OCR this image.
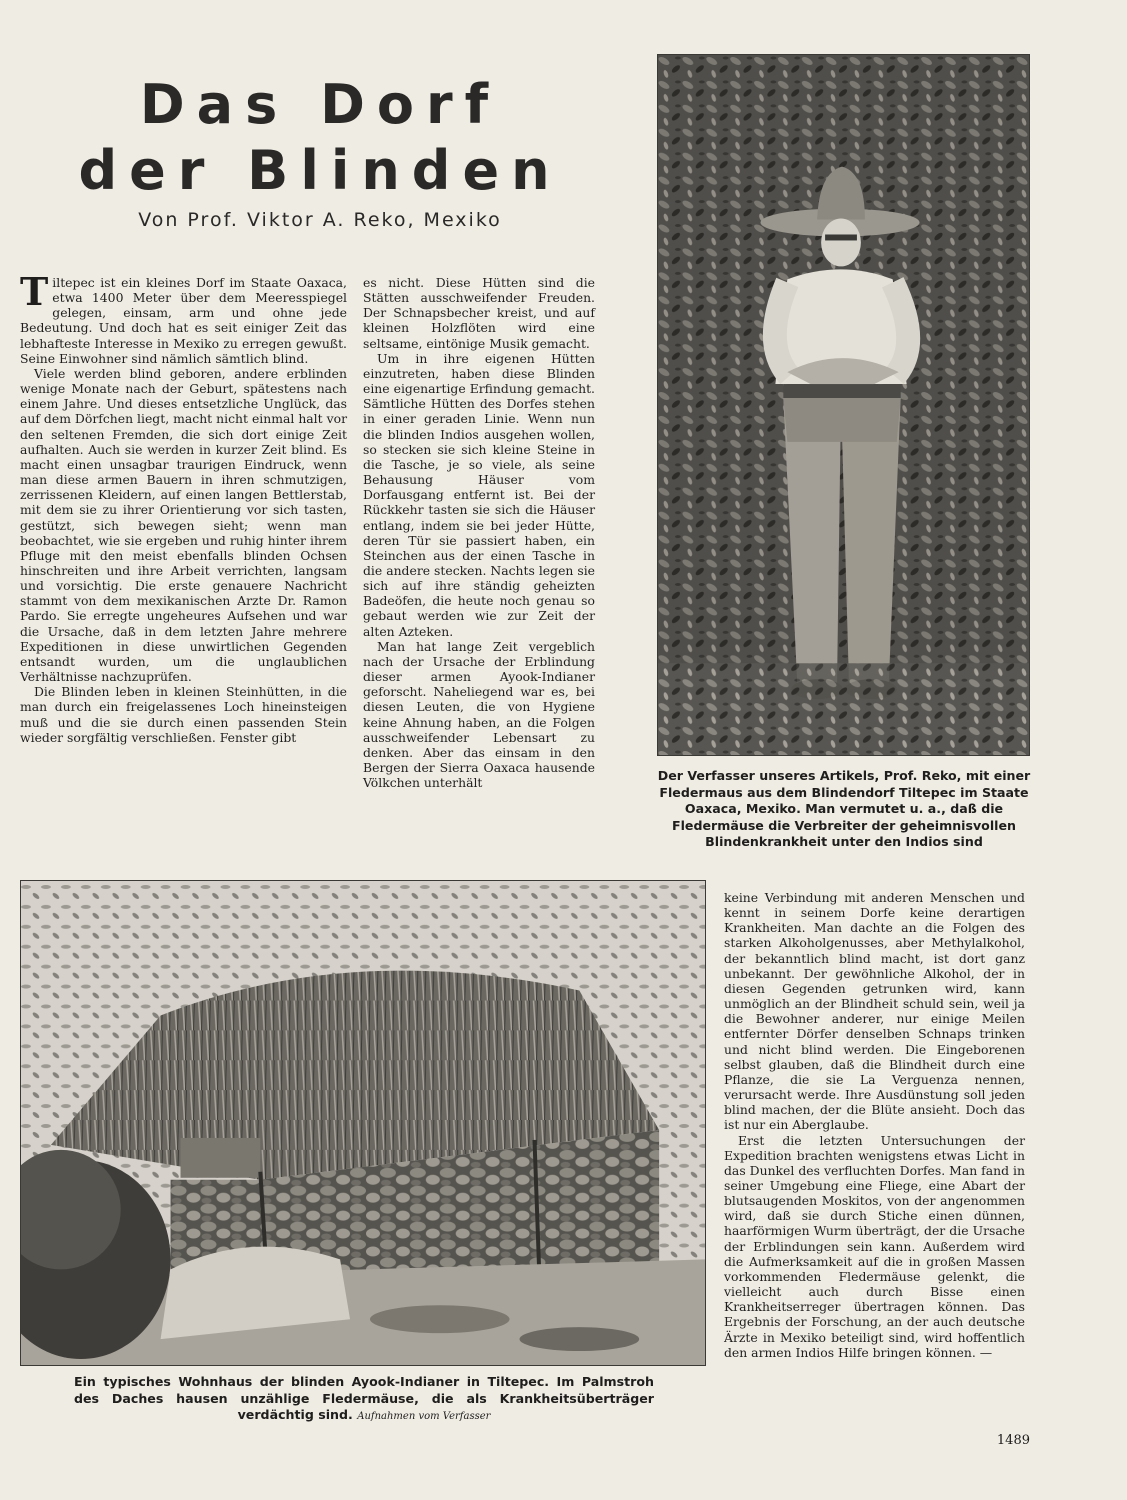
Das Dorf
der Blinden
Von Prof. Viktor A. Reko, Mexiko

Tiltepec ist ein kleines Dorf im Staate Oaxaca, etwa 1400 Meter über dem Meeresspiegel gelegen, einsam, arm und ohne jede Bedeutung. Und doch hat es seit einiger Zeit das lebhafteste Interesse in Mexiko zu erregen gewußt. Seine Einwohner sind nämlich sämtlich blind.

Viele werden blind geboren, andere erblinden wenige Monate nach der Geburt, spätestens nach einem Jahre. Und dieses entsetzliche Unglück, das auf dem Dörfchen liegt, macht nicht einmal halt vor den seltenen Fremden, die sich dort einige Zeit aufhalten. Auch sie werden in kurzer Zeit blind. Es macht einen unsagbar traurigen Eindruck, wenn man diese armen Bauern in ihren schmutzigen, zerrissenen Kleidern, auf einen langen Bettlerstab, mit dem sie zu ihrer Orientierung vor sich tasten, gestützt, sich bewegen sieht; wenn man beobachtet, wie sie ergeben und ruhig hinter ihrem Pfluge mit den meist ebenfalls blinden Ochsen hinschreiten und ihre Arbeit verrichten, langsam und vorsichtig. Die erste genauere Nachricht stammt von dem mexikanischen Arzte Dr. Ramon Pardo. Sie erregte ungeheures Aufsehen und war die Ursache, daß in dem letzten Jahre mehrere Expeditionen in diese unwirtlichen Gegenden entsandt wurden, um die unglaublichen Verhältnisse nachzuprüfen.

Die Blinden leben in kleinen Steinhütten, in die man durch ein freigelassenes Loch hineinsteigen muß und die sie durch einen passenden Stein wieder sorgfältig verschließen. Fenster gibt

es nicht. Diese Hütten sind die Stätten ausschweifender Freuden. Der Schnapsbecher kreist, und auf kleinen Holzflöten wird eine seltsame, eintönige Musik gemacht.

Um in ihre eigenen Hütten einzutreten, haben diese Blinden eine eigenartige Erfindung gemacht. Sämtliche Hütten des Dorfes stehen in einer geraden Linie. Wenn nun die blinden Indios ausgehen wollen, so stecken sie sich kleine Steine in die Tasche, je so viele, als seine Behausung Häuser vom Dorfausgang entfernt ist. Bei der Rückkehr tasten sie sich die Häuser entlang, indem sie bei jeder Hütte, deren Tür sie passiert haben, ein Steinchen aus der einen Tasche in die andere stecken. Nachts legen sie sich auf ihre ständig geheizten Badeöfen, die heute noch genau so gebaut werden wie zur Zeit der alten Azteken.

Man hat lange Zeit vergeblich nach der Ursache der Erblindung dieser armen Ayook-Indianer geforscht. Naheliegend war es, bei diesen Leuten, die von Hygiene keine Ahnung haben, an die Folgen ausschweifender Lebensart zu denken. Aber das einsam in den Bergen der Sierra Oaxaca hausende Völkchen unterhält	Der Verfasser unseres Artikels, Prof. Reko, mit einer Fledermaus aus dem Blindendorf Tiltepec im Staate Oaxaca, Mexiko. Man vermutet u. a., daß die Fledermäuse die Verbreiter der geheimnisvollen Blindenkrankheit unter den Indios sind
Ein typisches Wohnhaus der blinden Ayook-Indianer in Tiltepec. Im Palmstroh des Daches hausen unzählige Fledermäuse, die als Krankheitsüberträger verdächtig sind. Aufnahmen vom Verfasser

keine Verbindung mit anderen Menschen und kennt in seinem Dorfe keine derartigen Krankheiten. Man dachte an die Folgen des starken Alkoholgenusses, aber Methylalkohol, der bekanntlich blind macht, ist dort ganz unbekannt. Der gewöhnliche Alkohol, der in diesen Gegenden getrunken wird, kann unmöglich an der Blindheit schuld sein, weil ja die Bewohner anderer, nur einige Meilen entfernter Dörfer denselben Schnaps trinken und nicht blind werden. Die Eingeborenen selbst glauben, daß die Blindheit durch eine Pflanze, die sie La Verguenza nennen, verursacht werde. Ihre Ausdünstung soll jeden blind machen, der die Blüte ansieht. Doch das ist nur ein Aberglaube.

Erst die letzten Untersuchungen der Expedition brachten wenigstens etwas Licht in das Dunkel des verfluchten Dorfes. Man fand in seiner Umgebung eine Fliege, eine Abart der blutsaugenden Moskitos, von der angenommen wird, daß sie durch Stiche einen dünnen, haarförmigen Wurm überträgt, der die Ursache der Erblindungen sein kann. Außerdem wird die Aufmerksamkeit auf die in großen Massen vorkommenden Fledermäuse gelenkt, die vielleicht auch durch Bisse einen Krankheitserreger übertragen können. Das Ergebnis der Forschung, an der auch deutsche Ärzte in Mexiko beteiligt sind, wird hoffentlich den armen Indios Hilfe bringen können. —

1489
